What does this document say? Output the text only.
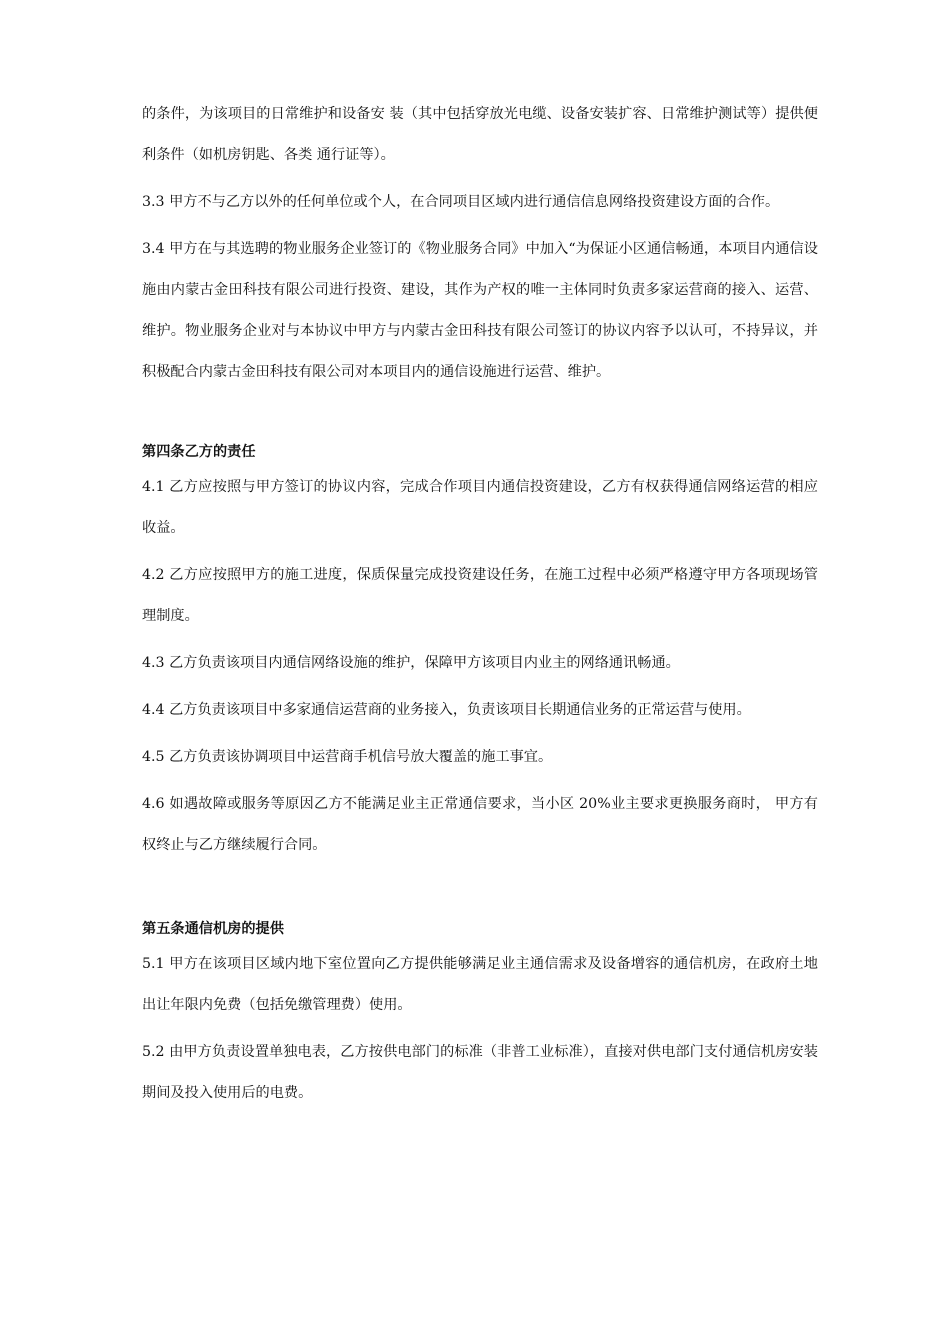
的条件，为该项目的日常维护和设备安 装（其中包括穿放光电缆、设备安装扩容、日常维护测试等）提供便利条件（如机房钥匙、各类 通行证等）。

3.3 甲方不与乙方以外的任何单位或个人，在合同项目区域内进行通信信息网络投资建设方面的合作。

3.4 甲方在与其选聘的物业服务企业签订的《物业服务合同》中加入“为保证小区通信畅通，本项目内通信设施由内蒙古金田科技有限公司进行投资、建设，其作为产权的唯一主体同时负责多家运营商的接入、运营、维护。物业服务企业对与本协议中甲方与内蒙古金田科技有限公司签订的协议内容予以认可，不持异议，并积极配合内蒙古金田科技有限公司对本项目内的通信设施进行运营、维护。

第四条乙方的责任

4.1 乙方应按照与甲方签订的协议内容，完成合作项目内通信投资建设，乙方有权获得通信网络运营的相应收益。

4.2 乙方应按照甲方的施工进度，保质保量完成投资建设任务，在施工过程中必须严格遵守甲方各项现场管理制度。

4.3 乙方负责该项目内通信网络设施的维护，保障甲方该项目内业主的网络通讯畅通。

4.4 乙方负责该项目中多家通信运营商的业务接入，负责该项目长期通信业务的正常运营与使用。

4.5 乙方负责该协调项目中运营商手机信号放大覆盖的施工事宜。

4.6 如遇故障或服务等原因乙方不能满足业主正常通信要求，当小区 20%业主要求更换服务商时， 甲方有权终止与乙方继续履行合同。

第五条通信机房的提供

5.1 甲方在该项目区域内地下室位置向乙方提供能够满足业主通信需求及设备增容的通信机房，在政府土地出让年限内免费（包括免缴管理费）使用。

5.2 由甲方负责设置单独电表，乙方按供电部门的标准（非普工业标准），直接对供电部门支付通信机房安装期间及投入使用后的电费。
